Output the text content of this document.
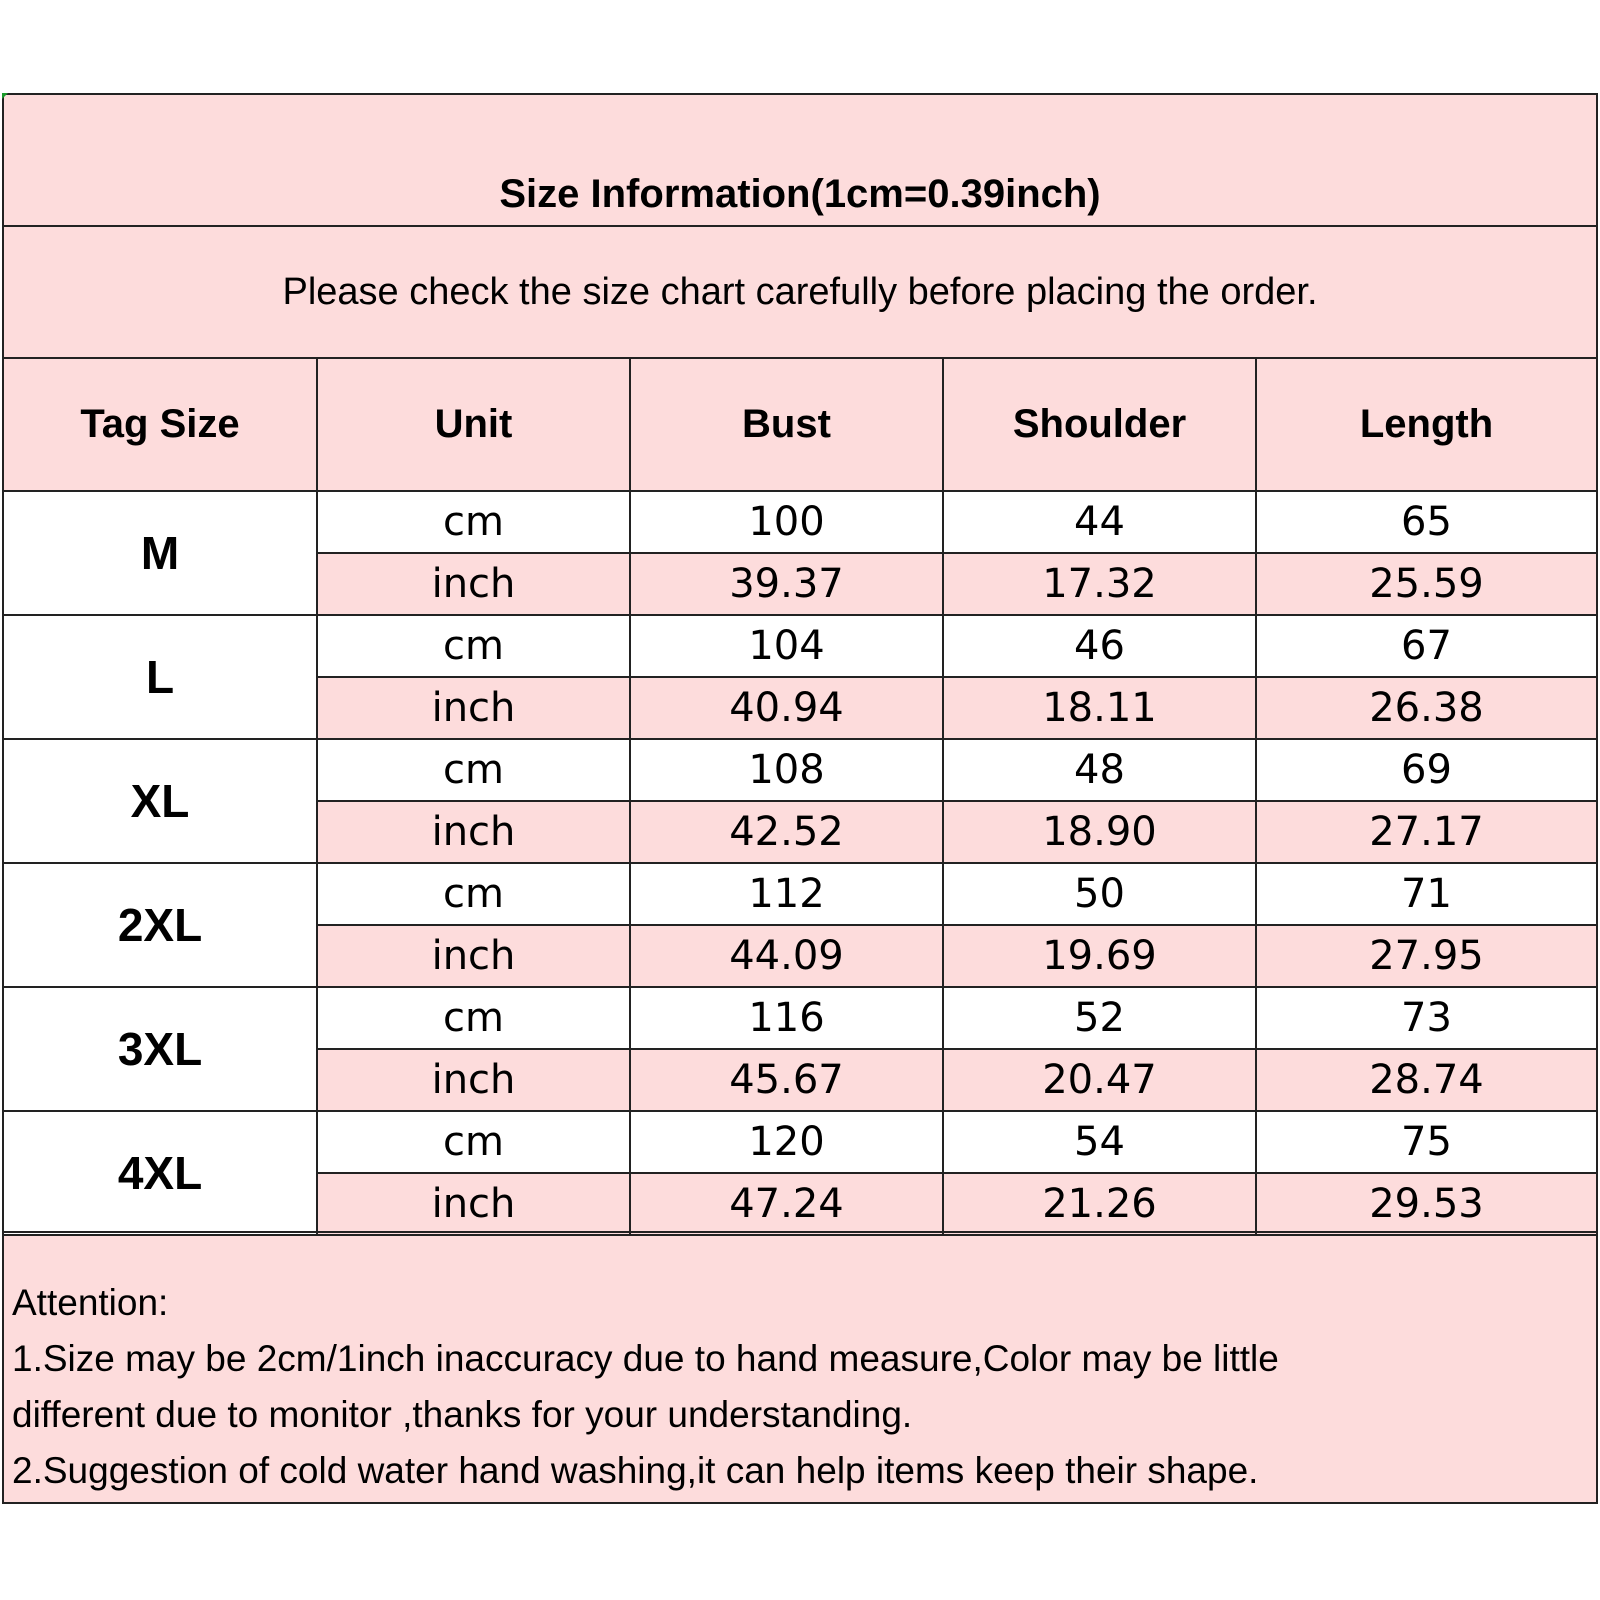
Size Information(1cm=0.39inch)
Please check the size chart carefully before placing the order.
Tag Size	Unit	Bust	Shoulder	Length
M	cm	100	44	65
	inch	39.37	17.32	25.59
L	cm	104	46	67
	inch	40.94	18.11	26.38
XL	cm	108	48	69
	inch	42.52	18.90	27.17
2XL	cm	112	50	71
	inch	44.09	19.69	27.95
3XL	cm	116	52	73
	inch	45.67	20.47	28.74
4XL	cm	120	54	75
	inch	47.24	21.26	29.53
Attention:
1.Size may be 2cm/1inch inaccuracy due to hand measure,Color may be little
different due to monitor ,thanks for your understanding.
2.Suggestion of cold water hand washing,it can help items keep their shape.
